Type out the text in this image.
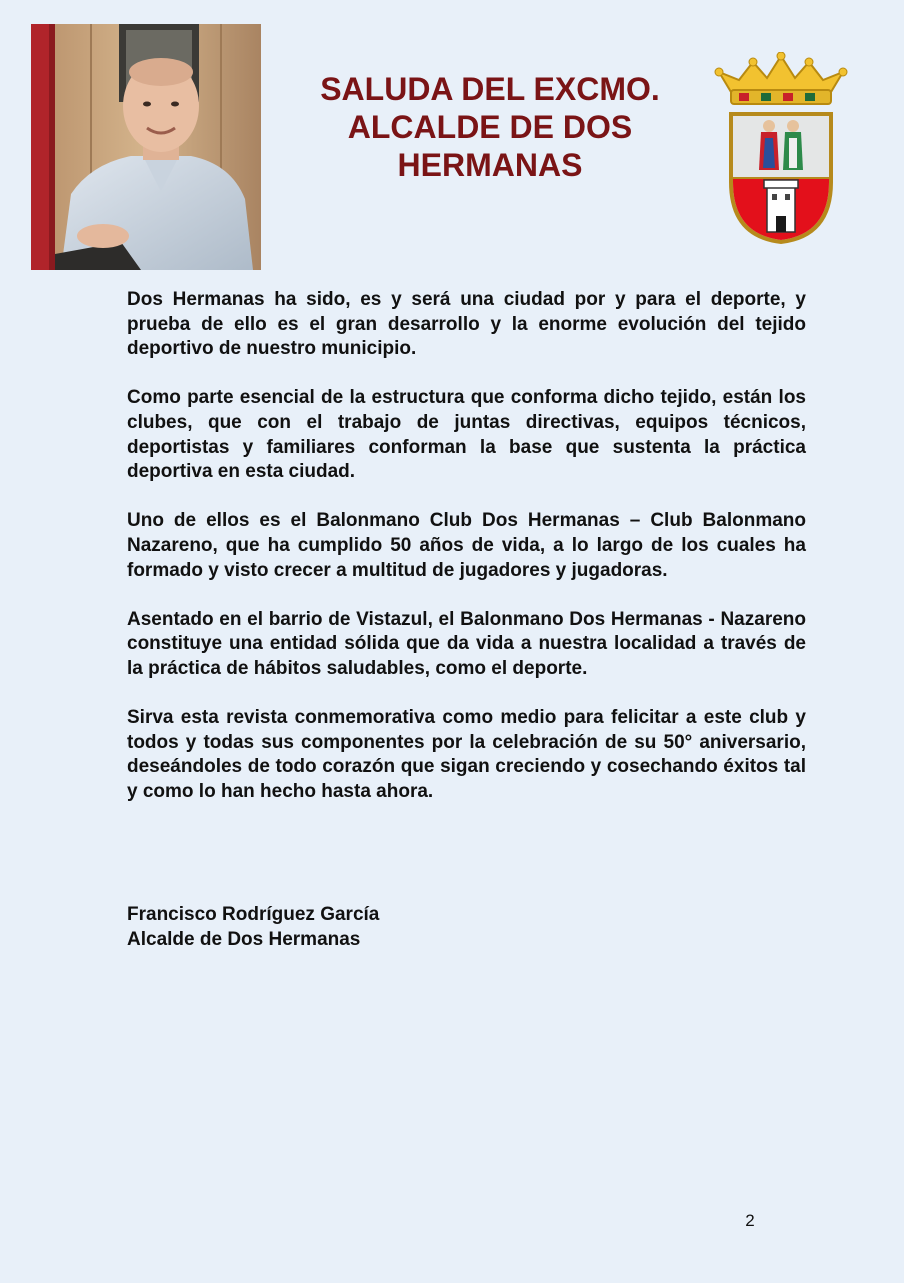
SALUDA DEL EXCMO.
ALCALDE DE DOS
HERMANAS

Dos Hermanas ha sido, es y será una ciudad por y para el deporte, y prueba de ello es el gran desarrollo y la enorme evolución del tejido deportivo de nuestro municipio.

Como parte esencial de la estructura que conforma dicho tejido, están los clubes, que con el trabajo de juntas directivas, equipos técnicos, deportistas y familiares conforman la base que sustenta la práctica deportiva en esta ciudad.

Uno de ellos es el Balonmano Club Dos Hermanas – Club Balonmano Nazareno, que ha cumplido 50 años de vida, a lo largo de los cuales ha formado y visto crecer a multitud de jugadores y jugadoras.

Asentado en el barrio de Vistazul, el Balonmano Dos Hermanas - Nazareno constituye una entidad sólida que da vida a nuestra localidad a través de la práctica de hábitos saludables, como el deporte.

Sirva esta revista conmemorativa como medio para felicitar a este club y todos y todas sus componentes por la celebración de su 50° aniversario, deseándoles de todo corazón que sigan creciendo y cosechando éxitos tal y como lo han hecho hasta ahora.

Francisco Rodríguez García
Alcalde de Dos Hermanas
2
